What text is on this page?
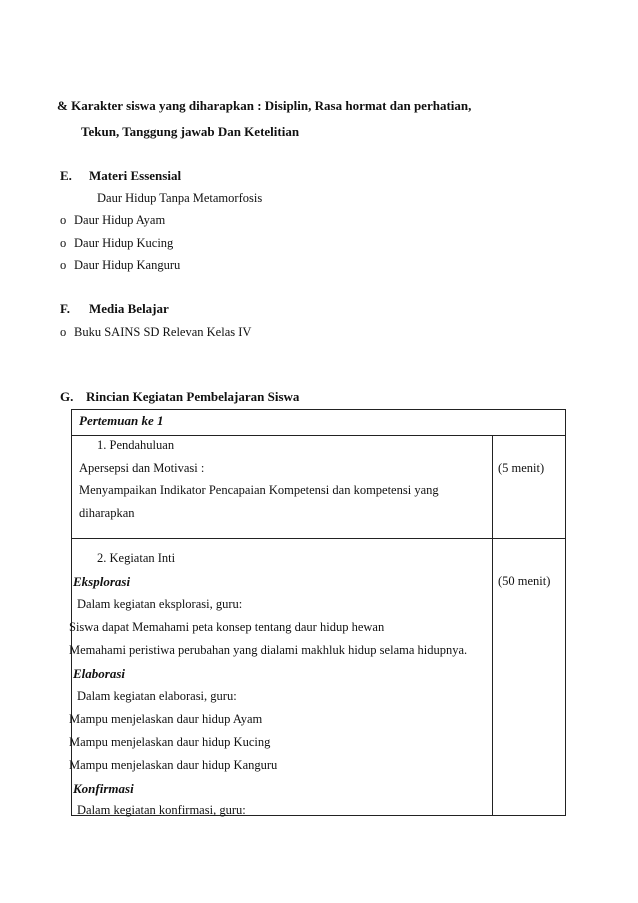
& Karakter siswa yang diharapkan : Disiplin, Rasa hormat dan perhatian,
Tekun, Tanggung jawab Dan Ketelitian
E. Materi Essensial
Daur Hidup Tanpa Metamorfosis
o Daur Hidup Ayam
o Daur Hidup Kucing
o Daur Hidup Kanguru
F. Media Belajar
o Buku SAINS SD Relevan Kelas IV
G. Rincian Kegiatan Pembelajaran Siswa
Pertemuan ke 1
1. Pendahuluan
Apersepsi dan Motivasi :
Menyampaikan Indikator Pencapaian Kompetensi dan kompetensi yang
diharapkan
(5 menit)
2. Kegiatan Inti
Eksplorasi	(50 menit)
Dalam kegiatan eksplorasi, guru:
Siswa dapat Memahami peta konsep tentang daur hidup hewan
Memahami peristiwa perubahan yang dialami makhluk hidup selama hidupnya.
Elaborasi
Dalam kegiatan elaborasi, guru:
Mampu menjelaskan daur hidup Ayam
Mampu menjelaskan daur hidup Kucing
Mampu menjelaskan daur hidup Kanguru
Konfirmasi
Dalam kegiatan konfirmasi, guru:
